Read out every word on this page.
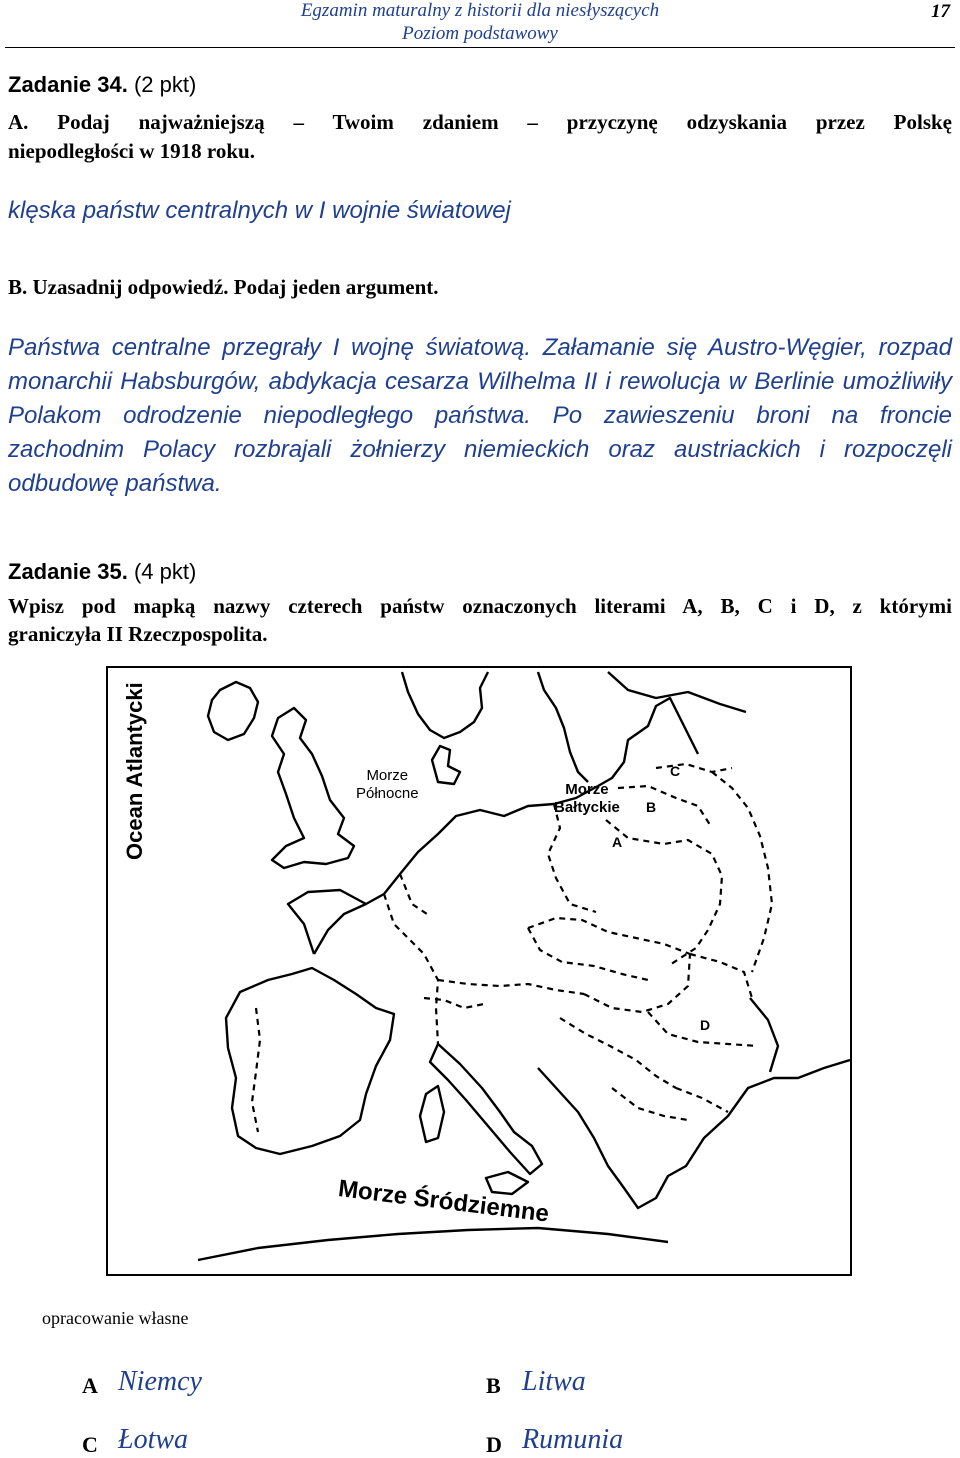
Egzamin maturalny z historii dla niesłyszących
Poziom podstawowy
17
Zadanie 34. (2 pkt)
A. Podaj najważniejszą – Twoim zdaniem – przyczynę odzyskania przez Polskę
niepodległości w 1918 roku.
klęska państw centralnych w I wojnie światowej
B. Uzasadnij odpowiedź. Podaj jeden argument.
Państwa centralne przegrały I wojnę światową. Załamanie się Austro-Węgier, rozpad monarchii Habsburgów, abdykacja cesarza Wilhelma II i rewolucja w Berlinie umożliwiły Polakom odrodzenie niepodległego państwa. Po zawieszeniu broni na froncie zachodnim Polacy rozbrajali żołnierzy niemieckich oraz austriackich i rozpoczęli odbudowę państwa.
Zadanie 35. (4 pkt)
Wpisz pod mapką nazwy czterech państw oznaczonych literami A, B, C i D, z którymi
graniczyła II Rzeczpospolita.
Morze
Północne	Morze
Bałtyckie
A
B
C
D
Ocean Atlantycki
Morze Śródziemne
opracowanie własne
A Niemcy	B Litwa
C Łotwa	D Rumunia
